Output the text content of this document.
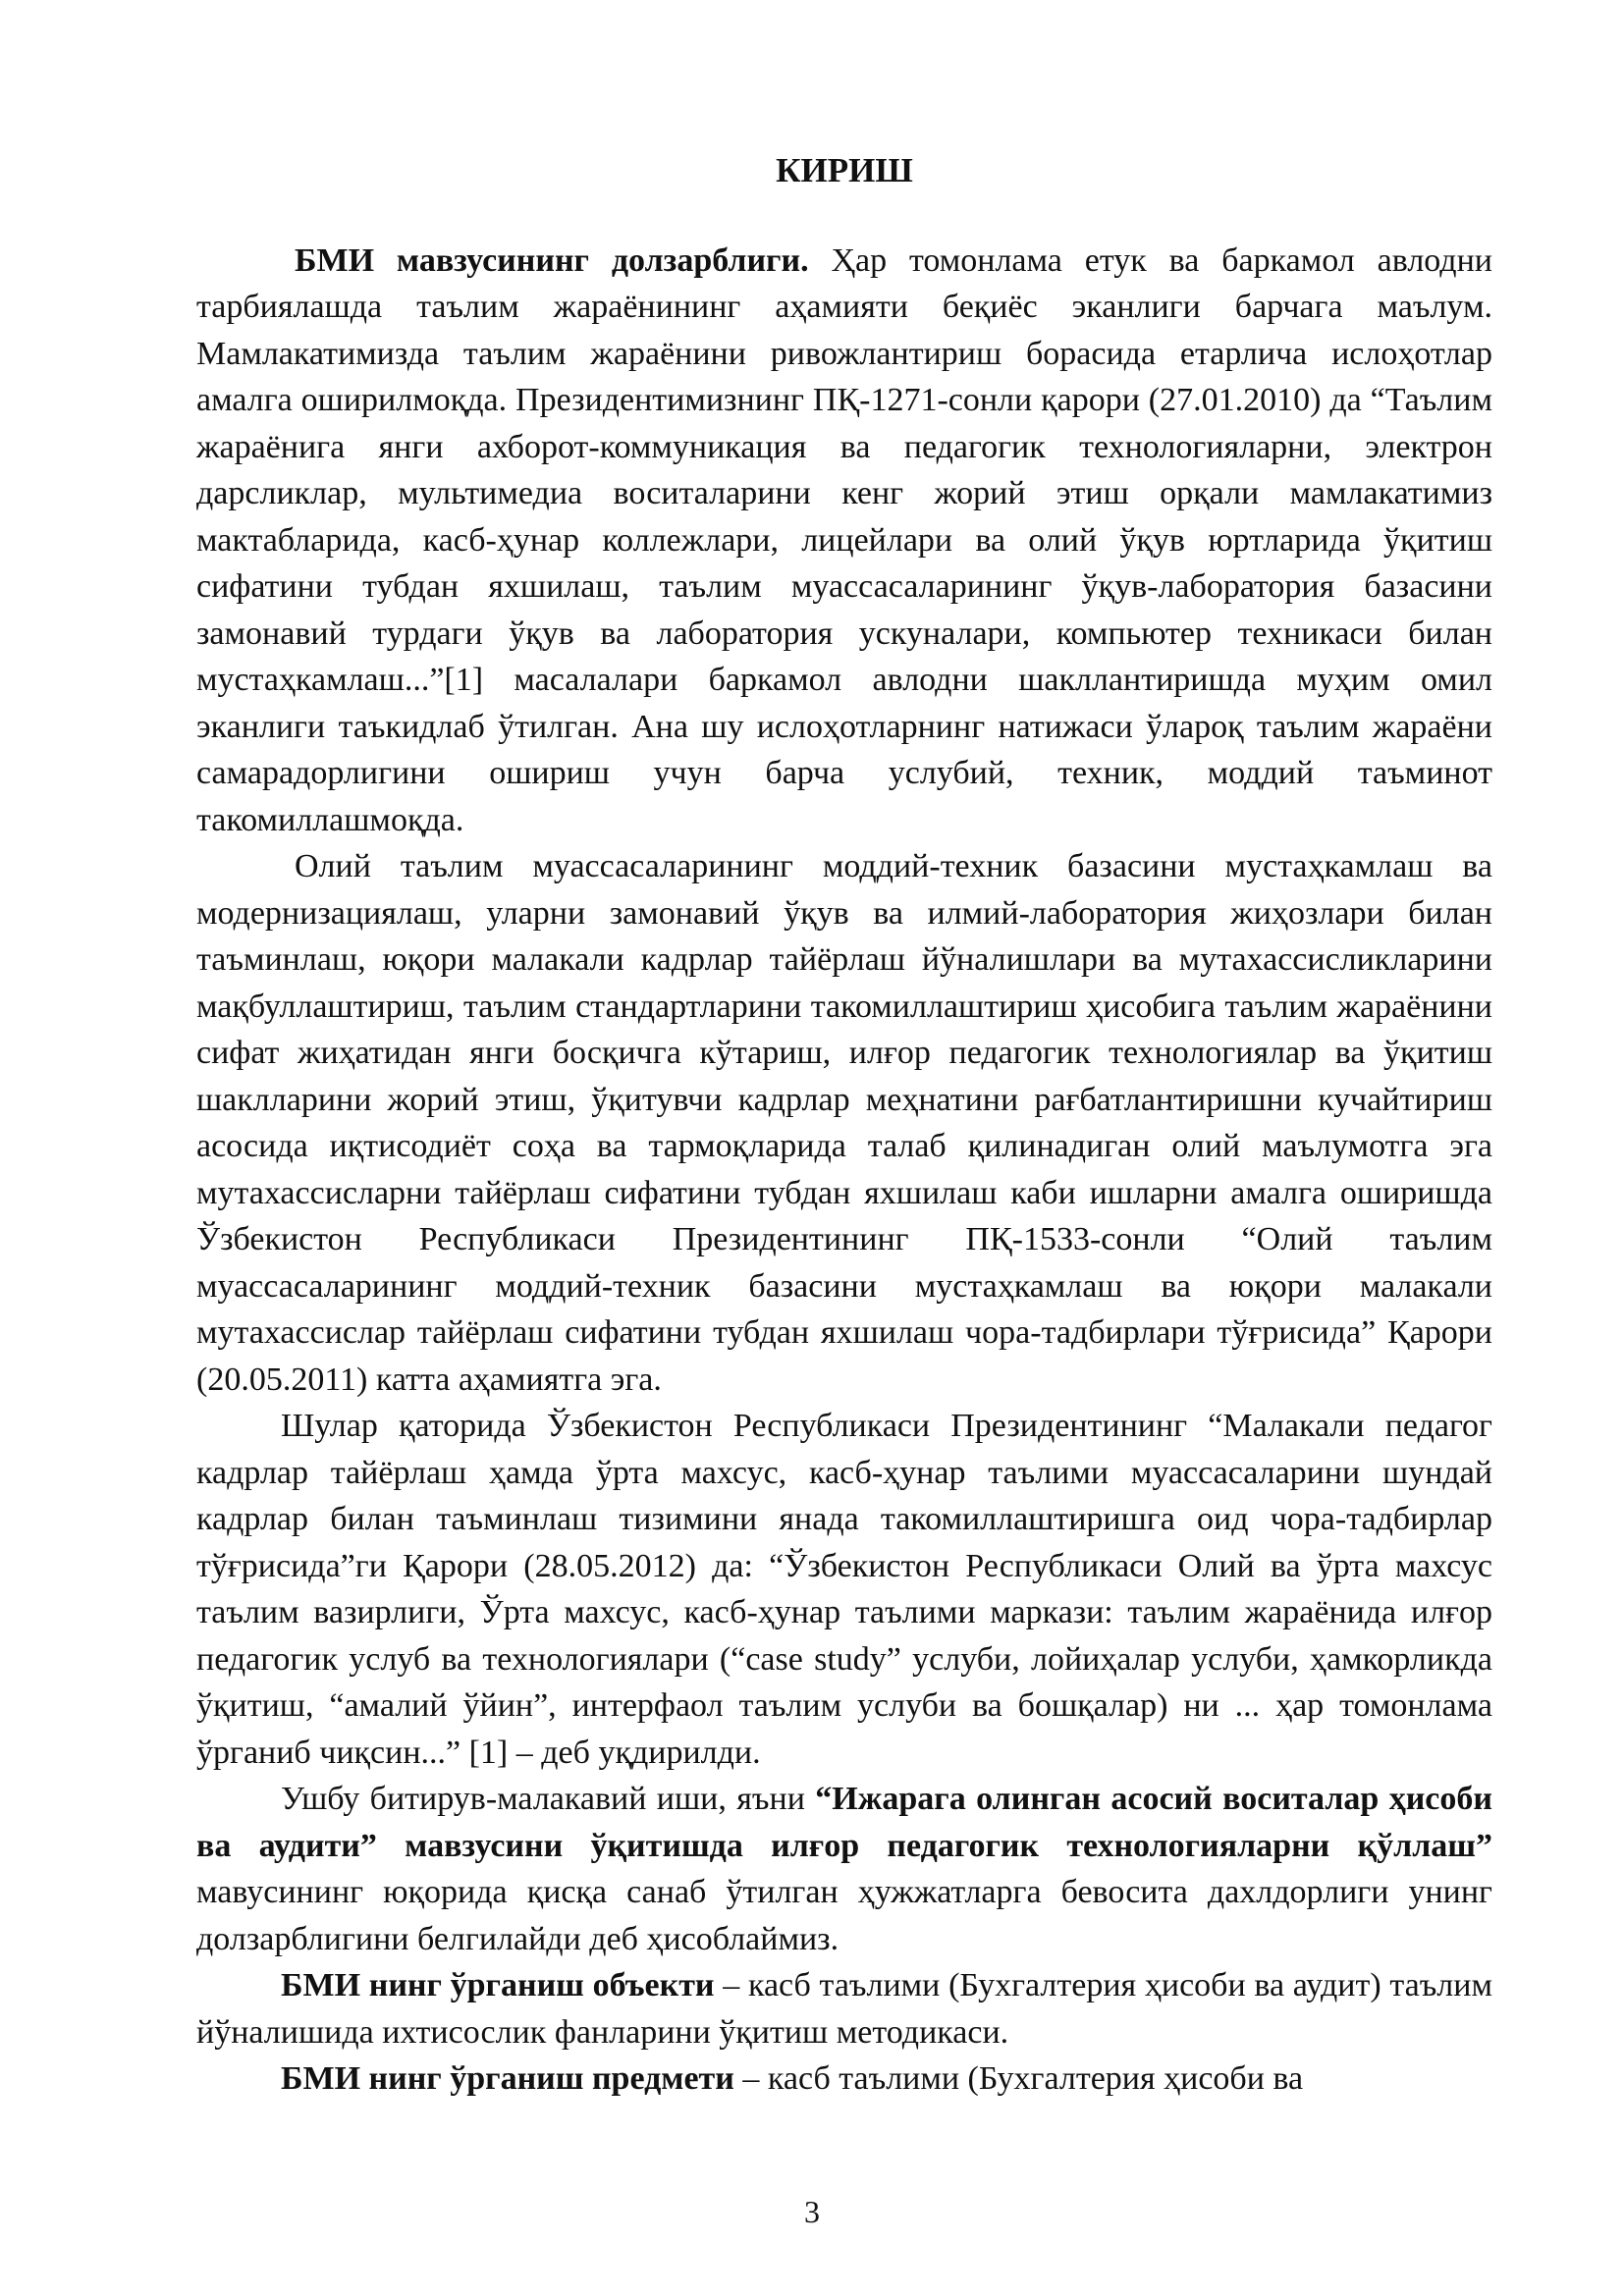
КИРИШ

БМИ мавзусининг долзарблиги. Ҳар томонлама етук ва баркамол авлодни тарбиялашда таълим жараёнининг аҳамияти беқиёс эканлиги барчага маълум. Мамлакатимизда таълим жараёнини ривожлантириш борасида етарлича ислоҳотлар амалга оширилмоқда. Президентимизнинг ПҚ-1271-сонли қарори (27.01.2010) да “Таълим жараёнига янги ахборот-коммуникация ва педагогик технологияларни, электрон дарсликлар, мультимедиа воситаларини кенг жорий этиш орқали мамлакатимиз мактабларида, касб-ҳунар коллежлари, лицейлари ва олий ўқув юртларида ўқитиш сифатини тубдан яхшилаш, таълим муассасаларининг ўқув-лаборатория базасини замонавий турдаги ўқув ва лаборатория ускуналари, компьютер техникаси билан мустаҳкамлаш...”[1] масалалари баркамол авлодни шакллантиришда муҳим омил эканлиги таъкидлаб ўтилган. Ана шу ислоҳотларнинг натижаси ўлароқ таълим жараёни самарадорлигини ошириш учун барча услубий, техник, моддий таъминот такомиллашмоқда.

Олий таълим муассасаларининг моддий-техник базасини мустаҳкамлаш ва модернизациялаш, уларни замонавий ўқув ва илмий-лаборатория жиҳозлари билан таъминлаш, юқори малакали кадрлар тайёрлаш йўналишлари ва мутахассисликларини мақбуллаштириш, таълим стандартларини такомиллаштириш ҳисобига таълим жараёнини сифат жиҳатидан янги босқичга кўтариш, илғор педагогик технологиялар ва ўқитиш шаклларини жорий этиш, ўқитувчи кадрлар меҳнатини рағбатлантиришни кучайтириш асосида иқтисодиёт соҳа ва тармоқларида талаб қилинадиган олий маълумотга эга мутахассисларни тайёрлаш сифатини тубдан яхшилаш каби ишларни амалга оширишда Ўзбекистон Республикаси Президентининг ПҚ-1533-сонли “Олий таълим муассасаларининг моддий-техник базасини мустаҳкамлаш ва юқори малакали мутахассислар тайёрлаш сифатини тубдан яхшилаш чора-тадбирлари тўғрисида” Қарори (20.05.2011) катта аҳамиятга эга.

Шулар қаторида Ўзбекистон Республикаси Президентининг “Малакали педагог кадрлар тайёрлаш ҳамда ўрта махсус, касб-ҳунар таълими муассасаларини шундай кадрлар билан таъминлаш тизимини янада такомиллаштиришга оид чора-тадбирлар тўғрисида”ги Қарори (28.05.2012) да: “Ўзбекистон Республикаси Олий ва ўрта махсус таълим вазирлиги, Ўрта махсус, касб-ҳунар таълими маркази: таълим жараёнида илғор педагогик услуб ва технологиялари (“case study” услуби, лойиҳалар услуби, ҳамкорликда ўқитиш, “амалий ўйин”, интерфаол таълим услуби ва бошқалар) ни ... ҳар томонлама ўрганиб чиқсин...” [1] – деб уқдирилди.

Ушбу битирув-малакавий иши, яъни “Ижарага олинган асосий воситалар ҳисоби ва аудити” мавзусини ўқитишда илғор педагогик технологияларни қўллаш” мавусининг юқорида қисқа санаб ўтилган ҳужжатларга бевосита дахлдорлиги унинг долзарблигини белгилайди деб ҳисоблаймиз.

БМИ нинг ўрганиш объекти – касб таълими (Бухгалтерия ҳисоби ва аудит) таълим йўналишида ихтисослик фанларини ўқитиш методикаси.

БМИ нинг ўрганиш предмети – касб таълими (Бухгалтерия ҳисоби ва

3
